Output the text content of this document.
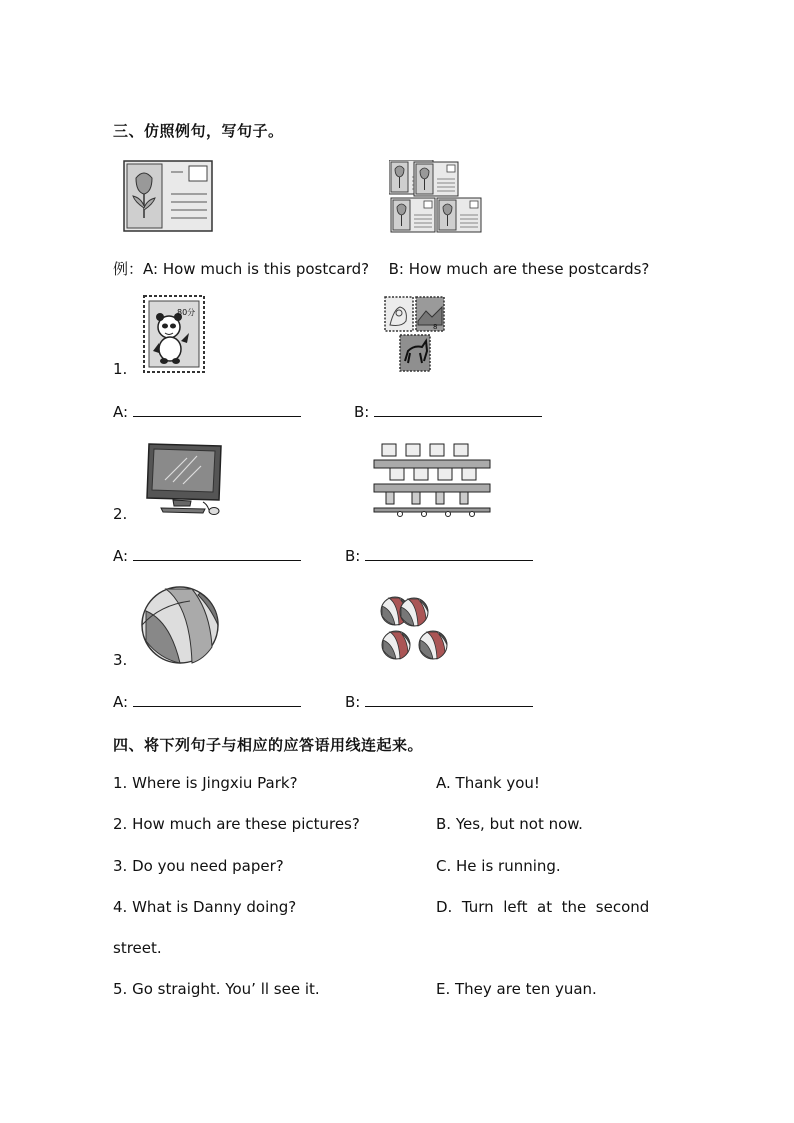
三、仿照例句，写句子。
例：A: How much is this postcard? B: How much are these postcards?
80分
8
1.
A:	B:
2.
A:	B:
3.
A:	B:
四、将下列句子与相应的应答语用线连起来。
1. Where is Jingxiu Park?
2. How much are these pictures?
3. Do you need paper?
4. What is Danny doing?
street.
5. Go straight. You’ ll see it.
A. Thank you!
B. Yes, but not now.
C. He is running.
D.  Turn  left  at  the  second
E. They are ten yuan.
